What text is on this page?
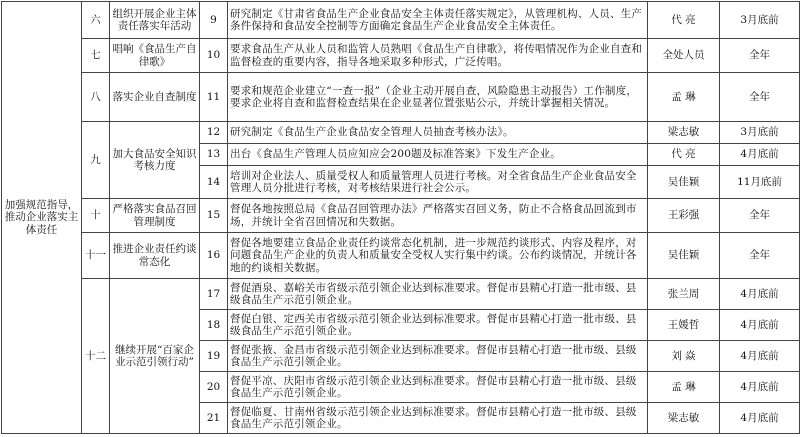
加强规范指导，推动企业落实主体责任	六	组织开展企业主体责任落实年活动	9	研究制定《甘肃省食品生产企业食品安全主体责任落实规定》，从管理机构、人员、生产条件保持和食品安全控制等方面确定食品生产企业食品安全主体责任。	代 亮	3月底前
	七	唱响《食品生产自律歌》	10	要求食品生产从业人员和监管人员熟唱《食品生产自律歌》，将传唱情况作为企业自查和监督检查的重要内容，指导各地采取多种形式，广泛传唱。	全处人员	全年
	八	落实企业自查制度	11	要求和规范企业建立“一查一报”（企业主动开展自查，风险隐患主动报告）工作制度，要求企业将自查和监督检查结果在企业显著位置张贴公示，并统计掌握相关情况。	孟 琳	全年
	九	加大食品安全知识考核力度	12	研究制定《食品生产企业食品安全管理人员抽查考核办法》。	梁志敏	3月底前
			13	出台《食品生产管理人员应知应会200题及标准答案》下发生产企业。	代 亮	4月底前
			14	培训对企业法人、质量受权人和质量管理人员进行考核。对全省食品生产企业食品安全管理人员分批进行考核，对考核结果进行社会公示。	吴佳颖	11月底前
	十	严格落实食品召回管理制度	15	督促各地按照总局《食品召回管理办法》严格落实召回义务，防止不合格食品回流到市场，并统计全省召回情况和失数据。	王彩强	全年
	十一	推进企业责任约谈常态化	16	督促各地要建立食品企业责任约谈常态化机制，进一步规范约谈形式、内容及程序，对问题食品生产企业的负责人和质量安全受权人实行集中约谈。公布约谈情况，并统计各地的约谈相关数据。	吴佳颖	全年
	十二	继续开展“百家企业示范引领行动”	17	督促酒泉、嘉峪关市省级示范引领企业达到标准要求。督促市县精心打造一批市级、县级食品生产示范引领企业。	张兰周	4月底前
			18	督促白银、定西关市省级示范引领企业达到标准要求。督促市县精心打造一批市级、县级食品生产示范引领企业。	王媛哲	4月底前
			19	督促张掖、金昌市省级示范引领企业达到标准要求。督促市县精心打造一批市级、县级食品生产示范引领企业。	刘 焱	4月底前
			20	督促平凉、庆阳市省级示范引领企业达到标准要求。督促市县精心打造一批市级、县级食品生产示范引领企业。	孟 琳	4月底前
			21	督促临夏、甘南州省级示范引领企业达到标准要求。督促市县精心打造一批市级、县级食品生产示范引领企业。	梁志敏	4月底前
